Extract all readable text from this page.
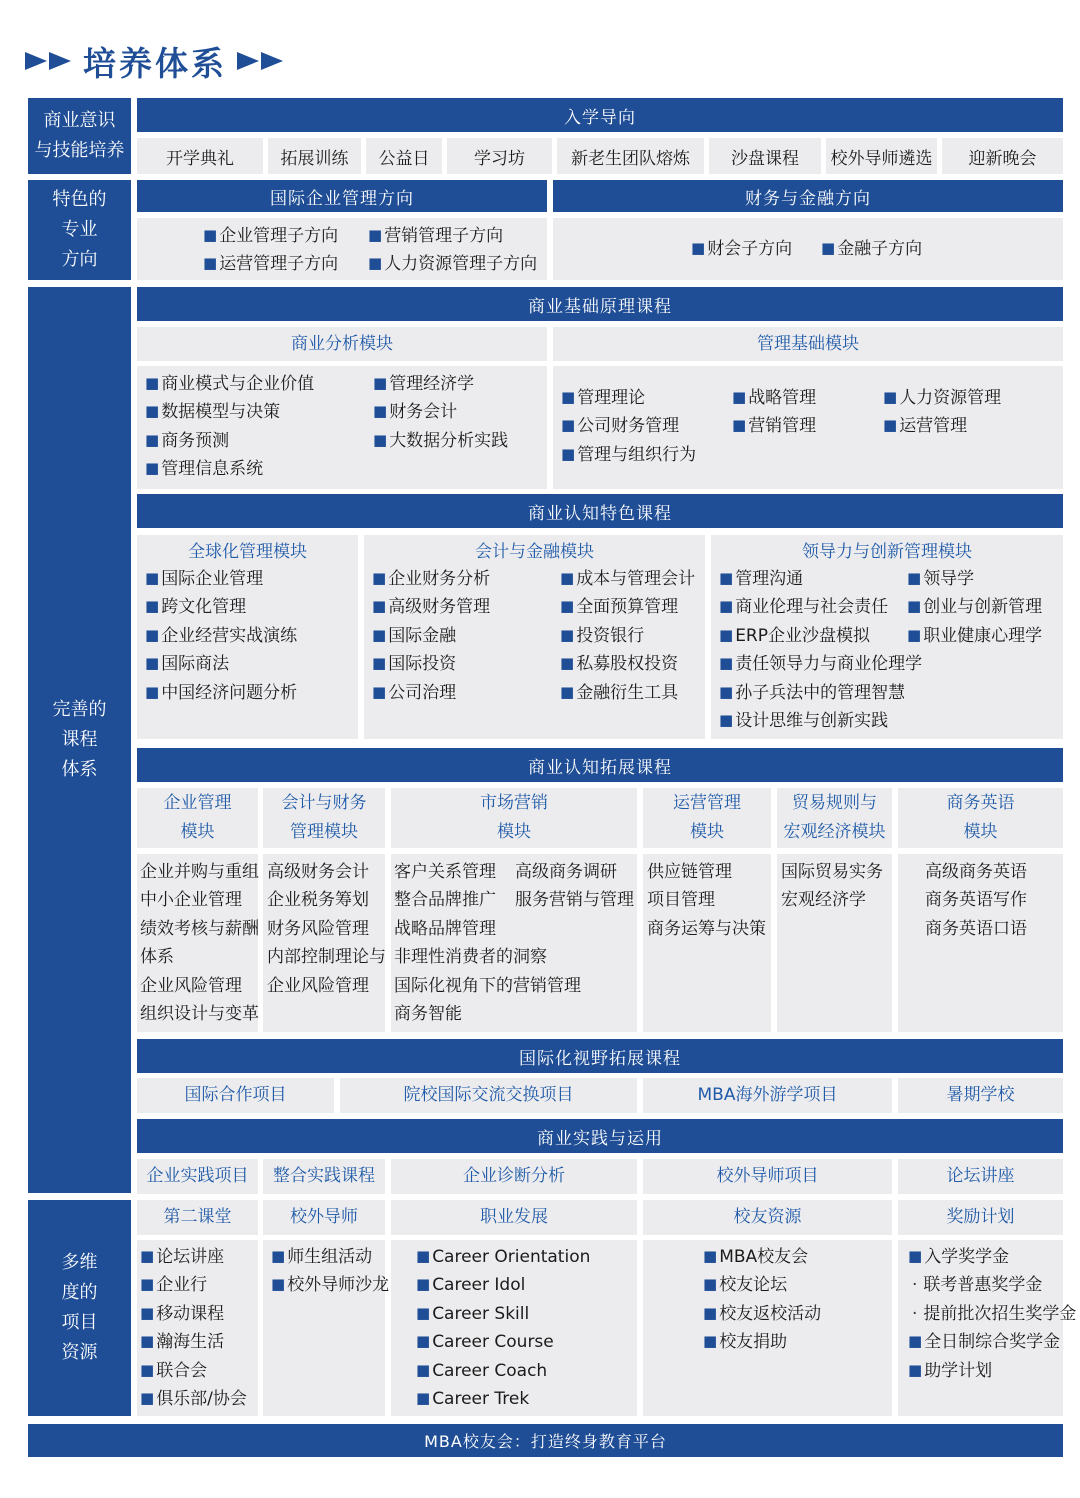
培养体系
商业意识
与技能培养
入学导向
开学典礼	拓展训练	公益日	学习坊	新老生团队熔炼	沙盘课程	校外导师遴选	迎新晚会
特色的
专业
方向
国际企业管理方向	财务与金融方向
■ 企业管理子方向
■ 运营管理子方向
■ 营销管理子方向
■ 人力资源管理子方向
■ 财会子方向
■	金融子方向
完善的
课程
体系
商业基础原理课程
商业分析模块	管理基础模块
■ 商业模式与企业价值
■ 数据模型与决策
■ 商务预测
■ 管理信息系统
■ 管理经济学
■ 财务会计
■ 大数据分析实践
■ 管理理论
■ 公司财务管理
■ 管理与组织行为
■ 战略管理
■ 营销管理
■ 人力资源管理
■ 运营管理
商业认知特色课程
全球化管理模块
■ 国际企业管理
■ 跨文化管理
■ 企业经营实战演练
■ 国际商法
■ 中国经济问题分析
会计与金融模块
■ 企业财务分析
■ 高级财务管理
■ 国际金融
■ 国际投资
■ 公司治理
■ 成本与管理会计
■ 全面预算管理
■ 投资银行
■ 私募股权投资
■ 金融衍生工具
领导力与创新管理模块
■ 管理沟通
■ 商业伦理与社会责任
■ ERP企业沙盘模拟
■ 责任领导力与商业伦理学
■ 孙子兵法中的管理智慧
■ 设计思维与创新实践
■ 领导学
■ 创业与创新管理
■ 职业健康心理学
商业认知拓展课程
企业管理
模块
会计与财务
管理模块
市场营销
模块
运营管理
模块
贸易规则与
宏观经济模块
商务英语
模块
企业并购与重组
中小企业管理
绩效考核与薪酬
体系
企业风险管理
组织设计与变革
高级财务会计
企业税务筹划
财务风险管理
内部控制理论与
企业风险管理
客户关系管理
整合品牌推广
战略品牌管理
非理性消费者的洞察
国际化视角下的营销管理
商务智能
高级商务调研
服务营销与管理
供应链管理
项目管理
商务运筹与决策
国际贸易实务
宏观经济学
高级商务英语
商务英语写作
商务英语口语
国际化视野拓展课程
国际合作项目	院校国际交流交换项目	MBA海外游学项目	暑期学校
商业实践与运用
企业实践项目	整合实践课程	企业诊断分析	校外导师项目	论坛讲座
多维
度的
项目
资源
第二课堂	校外导师	职业发展	校友资源	奖励计划
■ 论坛讲座
■ 企业行
■ 移动课程
■ 瀚海生活
■ 联合会
■ 俱乐部/协会
■ 师生组活动
■ 校外导师沙龙
■ Career Orientation
■ Career Idol
■ Career Skill
■ Career Course
■ Career Coach
■ Career Trek
■ MBA校友会
■ 校友论坛
■ 校友返校活动
■ 校友捐助
■ 入学奖学金
· 联考普惠奖学金
· 提前批次招生奖学金
■ 全日制综合奖学金
■ 助学计划
MBA校友会：打造终身教育平台
